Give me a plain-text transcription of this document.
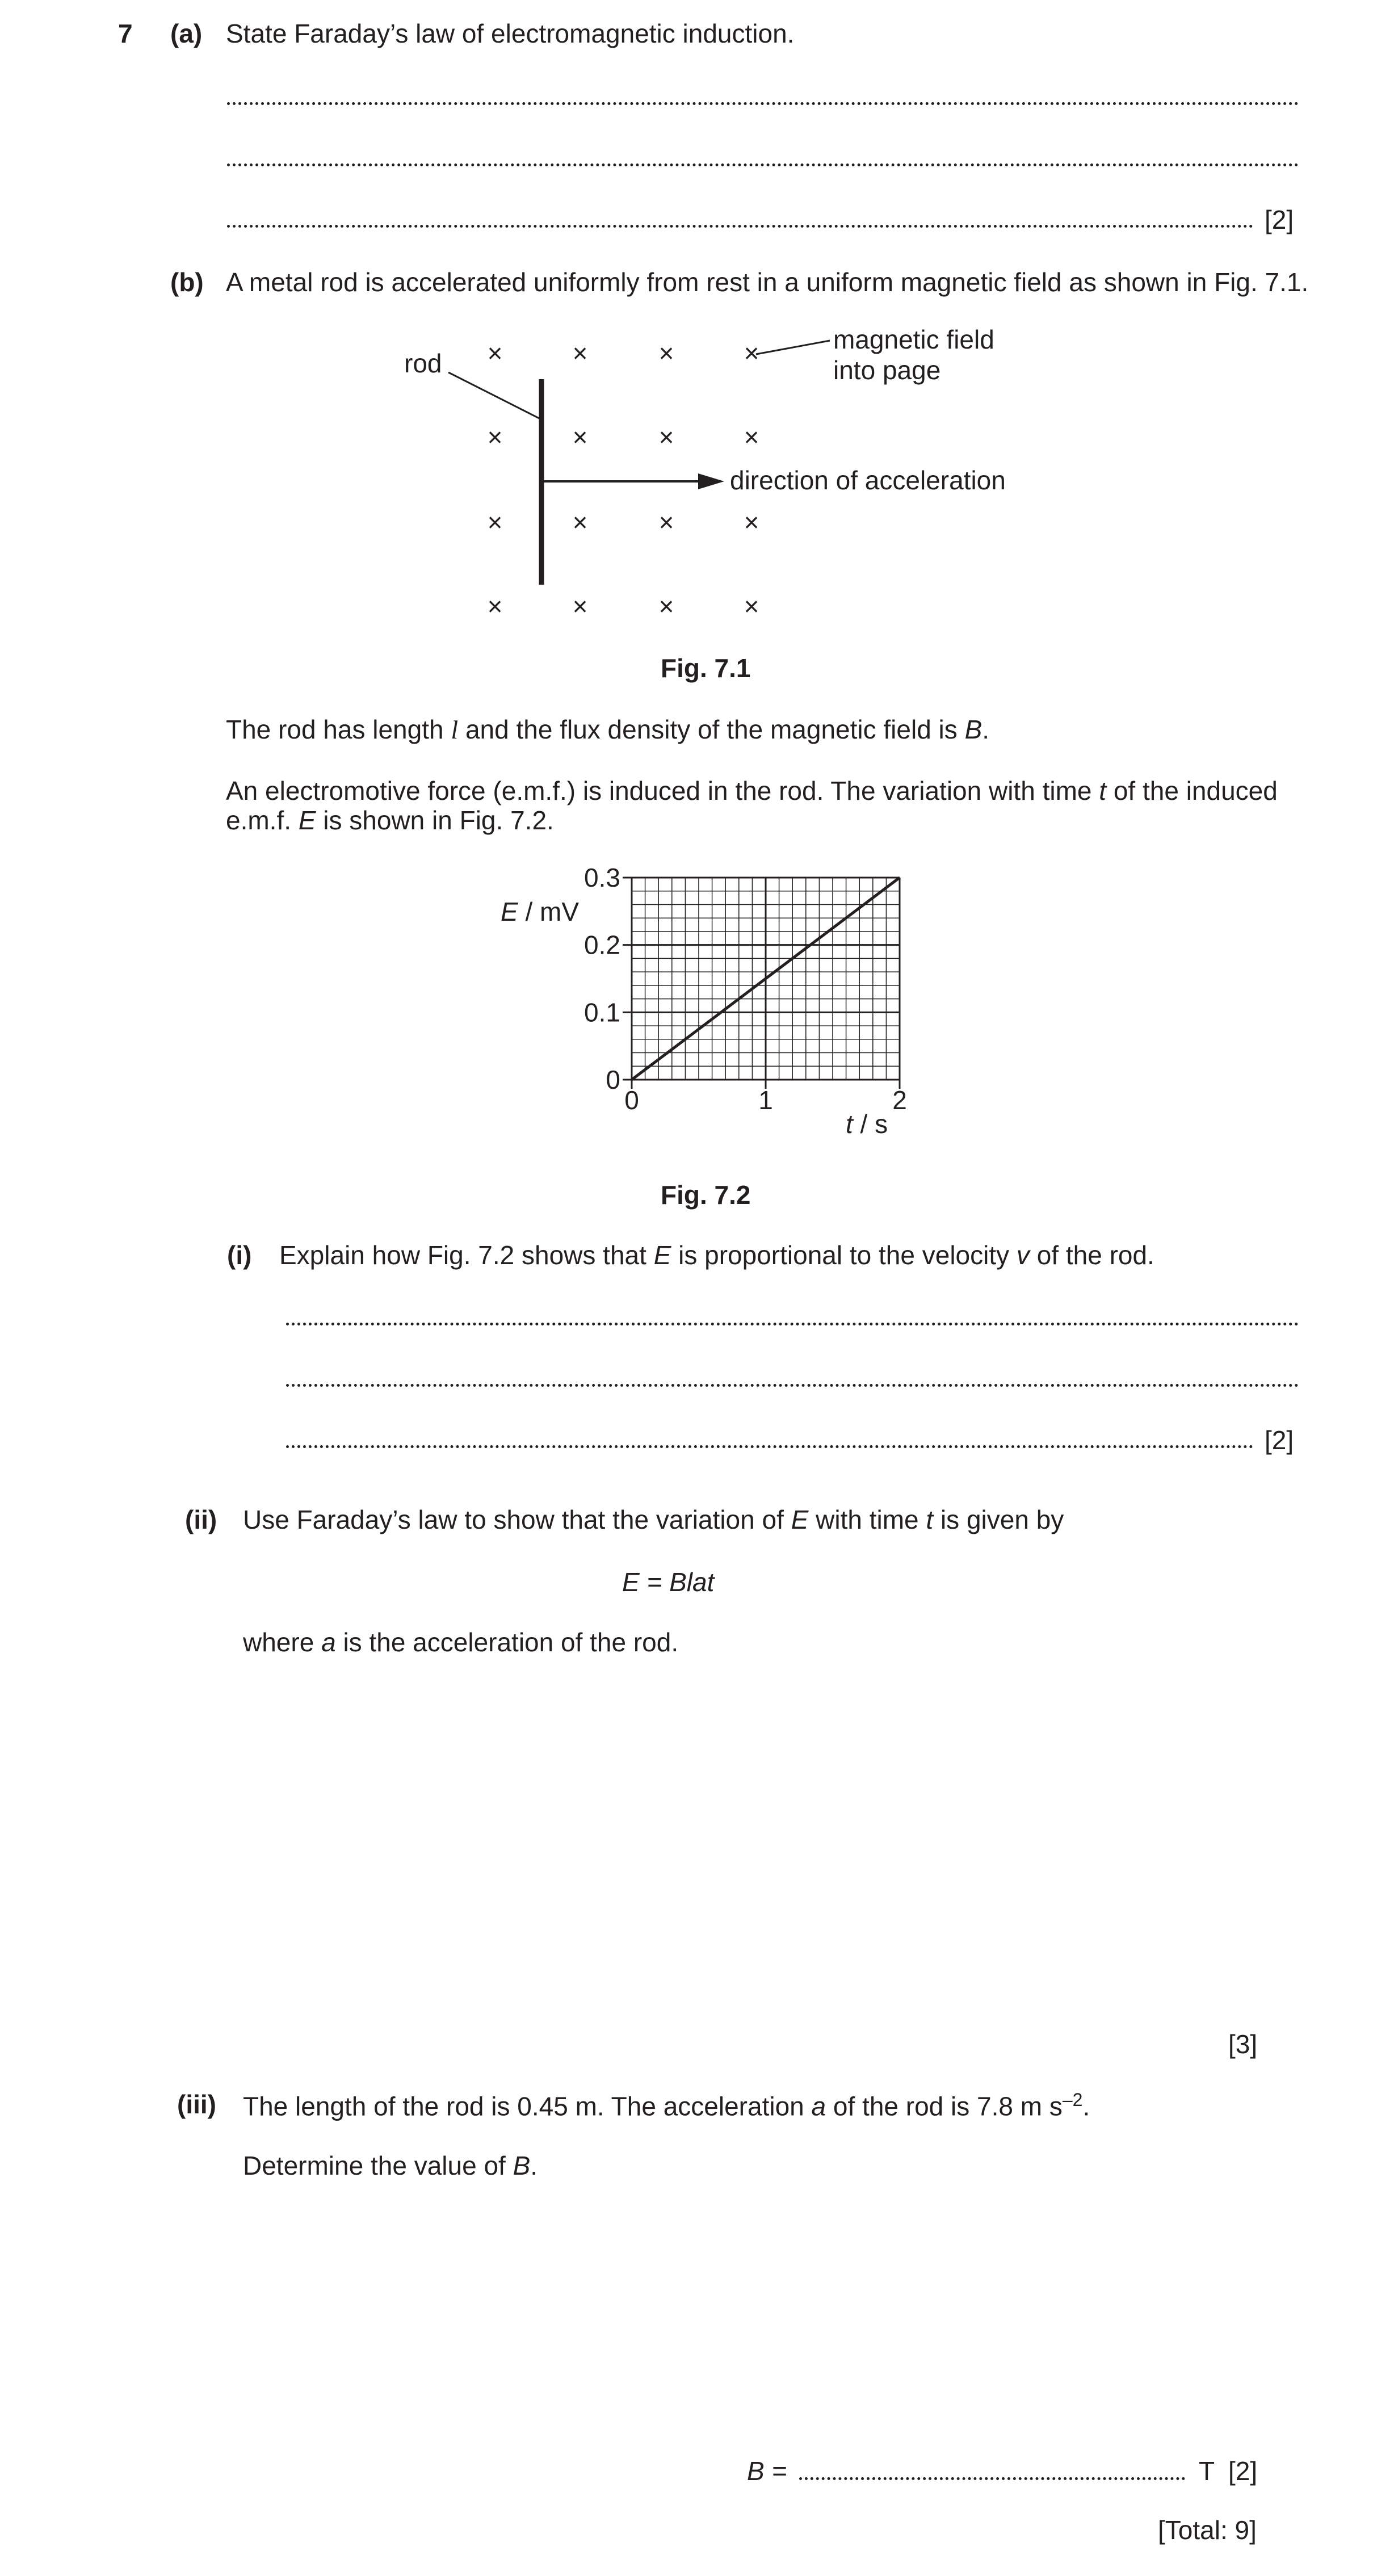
7 (a) State Faraday’s law of electromagnetic induction.
[2]
(b) A metal rod is accelerated uniformly from rest in a uniform magnetic field as shown in Fig. 7.1.
×	×	×	×
×	×	×	×
×	×	×	×
×	×	×	×
rod
magnetic field
into page
direction of acceleration
Fig. 7.1
The rod has length l and the flux density of the magnetic field is B.
An electromotive force (e.m.f.) is induced in the rod. The variation with time t of the induced
e.m.f. E is shown in Fig. 7.2.
0
0.1
0.2
0.3
0	1	2
E / mV
t / s
Fig. 7.2
(i) Explain how Fig. 7.2 shows that E is proportional to the velocity v of the rod.
[2]
(ii) Use Faraday’s law to show that the variation of E with time t is given by
E = Blat
where a is the acceleration of the rod.
[3]
(iii) The length of the rod is 0.45 m. The acceleration a of the rod is 7.8 m $s^{-2}$.
Determine the value of B.
B =	T [2]
[Total: 9]
